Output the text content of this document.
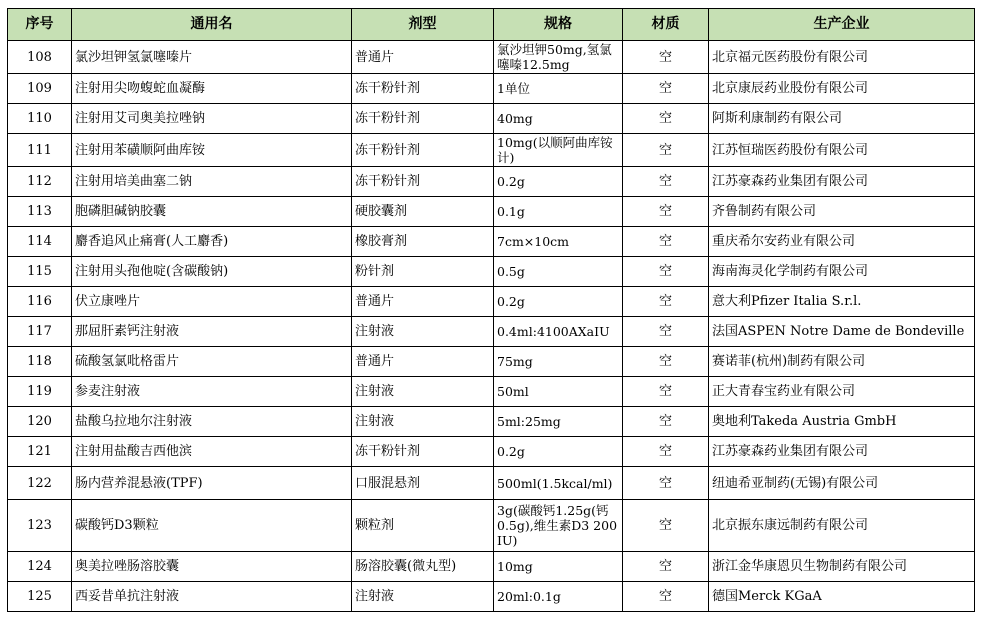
序号	通用名	剂型	规格	材质	生产企业
108	氯沙坦钾氢氯噻嗪片	普通片	氯沙坦钾50mg,氢氯噻嗪12.5mg	空	北京福元医药股份有限公司
109	注射用尖吻蝮蛇血凝酶	冻干粉针剂	1单位	空	北京康辰药业股份有限公司
110	注射用艾司奥美拉唑钠	冻干粉针剂	40mg	空	阿斯利康制药有限公司
111	注射用苯磺顺阿曲库铵	冻干粉针剂	10mg(以顺阿曲库铵计)	空	江苏恒瑞医药股份有限公司
112	注射用培美曲塞二钠	冻干粉针剂	0.2g	空	江苏豪森药业集团有限公司
113	胞磷胆碱钠胶囊	硬胶囊剂	0.1g	空	齐鲁制药有限公司
114	麝香追风止痛膏(人工麝香)	橡胶膏剂	7cm×10cm	空	重庆希尔安药业有限公司
115	注射用头孢他啶(含碳酸钠)	粉针剂	0.5g	空	海南海灵化学制药有限公司
116	伏立康唑片	普通片	0.2g	空	意大利Pfizer Italia S.r.l.
117	那屈肝素钙注射液	注射液	0.4ml:4100AXaIU	空	法国ASPEN Notre Dame de Bondeville
118	硫酸氢氯吡格雷片	普通片	75mg	空	赛诺菲(杭州)制药有限公司
119	参麦注射液	注射液	50ml	空	正大青春宝药业有限公司
120	盐酸乌拉地尔注射液	注射液	5ml:25mg	空	奥地利Takeda Austria GmbH
121	注射用盐酸吉西他滨	冻干粉针剂	0.2g	空	江苏豪森药业集团有限公司
122	肠内营养混悬液(TPF)	口服混悬剂	500ml(1.5kcal/ml)	空	纽迪希亚制药(无锡)有限公司
123	碳酸钙D3颗粒	颗粒剂	3g(碳酸钙1.25g(钙0.5g),维生素D3 200IU)	空	北京振东康远制药有限公司
124	奥美拉唑肠溶胶囊	肠溶胶囊(微丸型)	10mg	空	浙江金华康恩贝生物制药有限公司
125	西妥昔单抗注射液	注射液	20ml:0.1g	空	德国Merck KGaA
